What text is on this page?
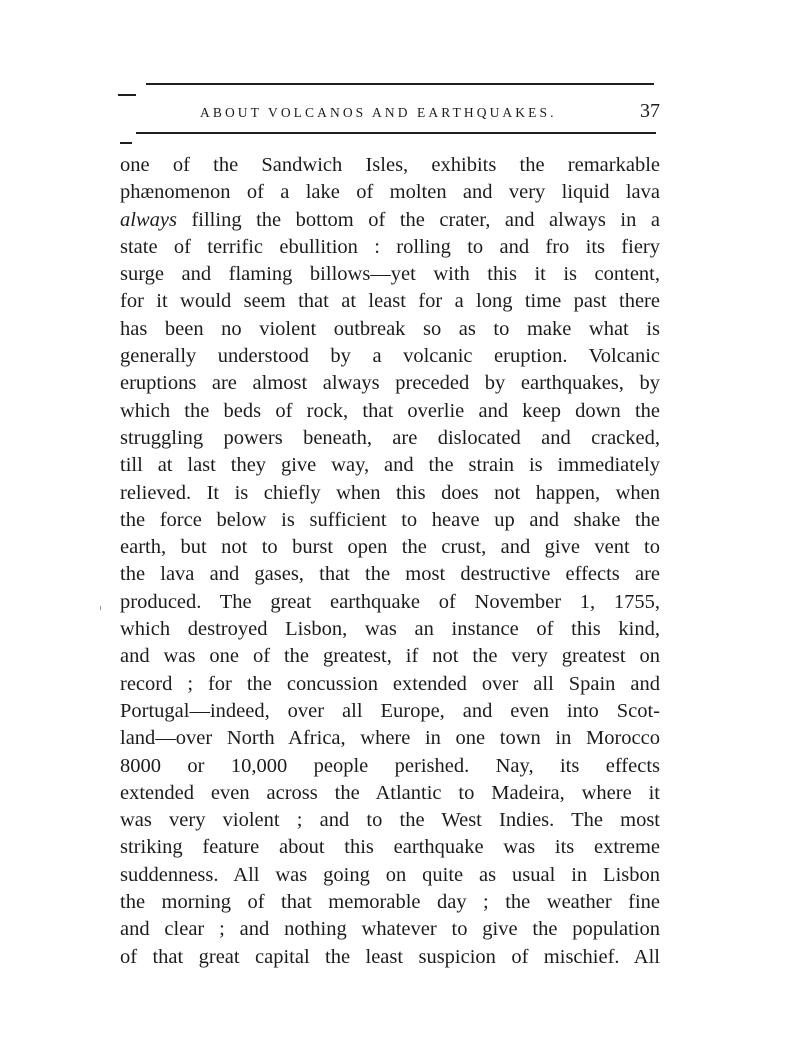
ABOUT VOLCANOS AND EARTHQUAKES.	37
one of the Sandwich Isles, exhibits the remarkable
phænomenon of a lake of molten and very liquid lava
always filling the bottom of the crater, and always in a
state of terrific ebullition : rolling to and fro its fiery
surge and flaming billows—yet with this it is content,
for it would seem that at least for a long time past there
has been no violent outbreak so as to make what is
generally understood by a volcanic eruption. Volcanic
eruptions are almost always preceded by earthquakes, by
which the beds of rock, that overlie and keep down the
struggling powers beneath, are dislocated and cracked,
till at last they give way, and the strain is immediately
relieved. It is chiefly when this does not happen, when
the force below is sufficient to heave up and shake the
earth, but not to burst open the crust, and give vent to
the lava and gases, that the most destructive effects are
produced. The great earthquake of November 1, 1755,
which destroyed Lisbon, was an instance of this kind,
and was one of the greatest, if not the very greatest on
record ; for the concussion extended over all Spain and
Portugal—indeed, over all Europe, and even into Scot-
land—over North Africa, where in one town in Morocco
8000 or 10,000 people perished. Nay, its effects
extended even across the Atlantic to Madeira, where it
was very violent ; and to the West Indies. The most
striking feature about this earthquake was its extreme
suddenness. All was going on quite as usual in Lisbon
the morning of that memorable day ; the weather fine
and clear ; and nothing whatever to give the population
of that great capital the least suspicion of mischief. All
